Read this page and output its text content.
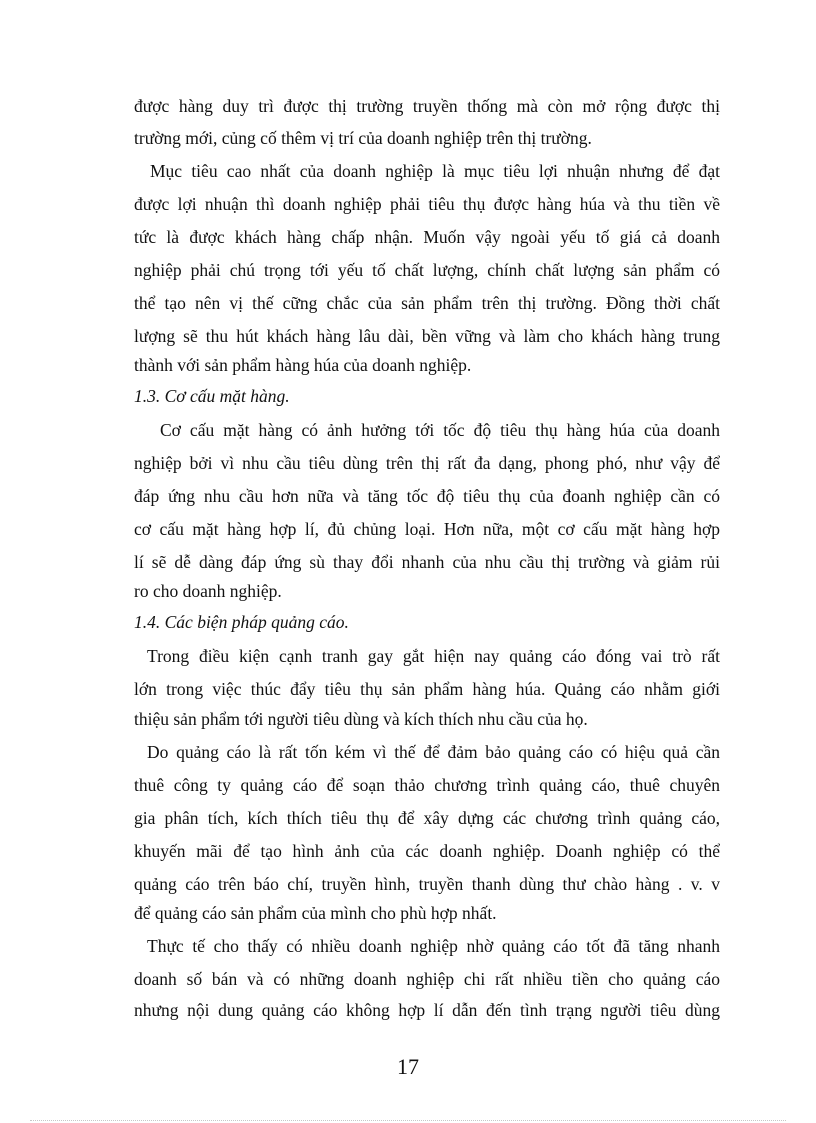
được hàng duy trì được thị trường truyền thống mà còn mở rộng được thị
trường mới, củng cố thêm vị trí của doanh nghiệp trên thị trường.
Mục tiêu cao nhất của doanh nghiệp là mục tiêu lợi nhuận nhưng để đạt
được lợi nhuận thì doanh nghiệp phải tiêu thụ được hàng húa và thu tiền về
tức là được khách hàng chấp nhận. Muốn vậy ngoài yếu tố giá cả doanh
nghiệp phải chú trọng tới yếu tố chất lượng, chính chất lượng sản phẩm có
thể tạo nên vị thế cững chắc của sản phẩm trên thị trường. Đồng thời chất
lượng sẽ thu hút khách hàng lâu dài, bền vững và làm cho khách hàng trung
thành với sản phẩm hàng húa của doanh nghiệp.
1.3. Cơ cấu mặt hàng.
Cơ cấu mặt hàng có ảnh hưởng tới tốc độ tiêu thụ hàng húa của doanh
nghiệp bởi vì nhu cầu tiêu dùng trên thị rất đa dạng, phong phó, như vậy để
đáp ứng nhu cầu hơn nữa và tăng tốc độ tiêu thụ của đoanh nghiệp cần có
cơ cấu mặt hàng hợp lí, đủ chủng loại. Hơn nữa, một cơ cấu mặt hàng hợp
lí sẽ dễ dàng đáp ứng sù thay đổi nhanh của nhu cầu thị trường và giảm rủi
ro cho doanh nghiệp.
1.4. Các biện pháp quảng cáo.
Trong điều kiện cạnh tranh gay gắt hiện nay quảng cáo đóng vai trò rất
lớn trong việc thúc đẩy tiêu thụ sản phẩm hàng húa. Quảng cáo nhằm giới
thiệu sản phẩm tới người tiêu dùng và kích thích nhu cầu của họ.
Do quảng cáo là rất tốn kém vì thế để đảm bảo quảng cáo có hiệu quả cần
thuê công ty quảng cáo để soạn thảo chương trình quảng cáo, thuê chuyên
gia phân tích, kích thích tiêu thụ để xây dựng các chương trình quảng cáo,
khuyến mãi để tạo hình ảnh của các doanh nghiệp. Doanh nghiệp có thể
quảng cáo trên báo chí, truyền hình, truyền thanh dùng thư chào hàng . v. v
để quảng cáo sản phẩm của mình cho phù hợp nhất.
Thực tế cho thấy có nhiều doanh nghiệp nhờ quảng cáo tốt đã tăng nhanh
doanh số bán và có những doanh nghiệp chi rất nhiều tiền cho quảng cáo
nhưng nội dung quảng cáo không hợp lí dẫn đến tình trạng người tiêu dùng
17
